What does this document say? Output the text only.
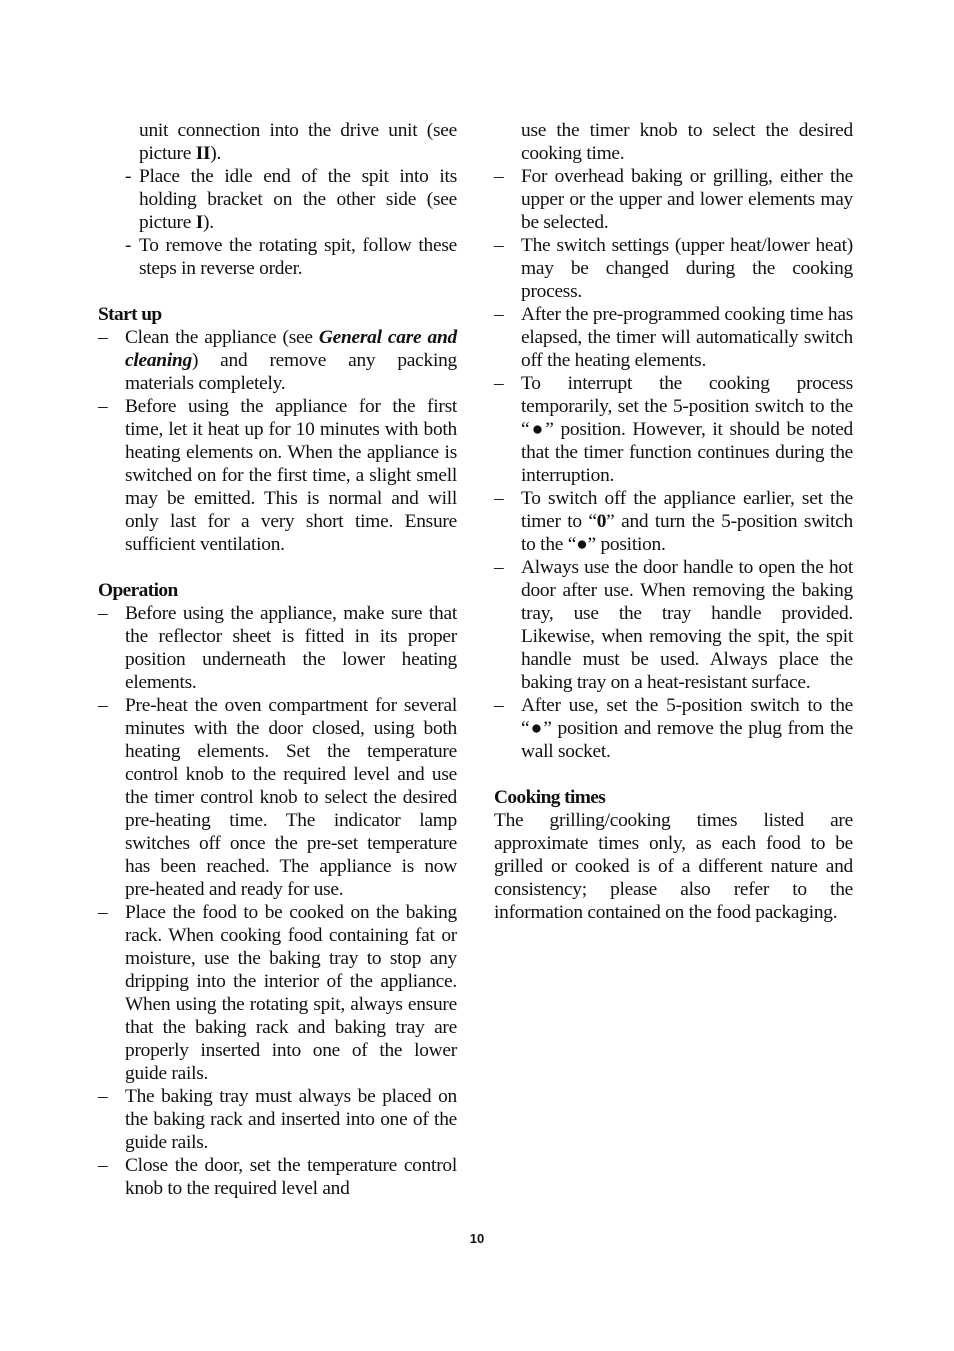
unit connection into the drive unit (see picture II).
- Place the idle end of the spit into its holding bracket on the other side (see picture I).
- To remove the rotating spit, follow these steps in reverse order.
Start up
– Clean the appliance (see General care and cleaning) and remove any packing materials completely.
– Before using the appliance for the first time, let it heat up for 10 minutes with both heating elements on. When the appliance is switched on for the first time, a slight smell may be emitted. This is normal and will only last for a very short time. Ensure sufficient ventilation.
Operation
– Before using the appliance, make sure that the reflector sheet is fitted in its proper position underneath the lower heating elements.
– Pre-heat the oven compartment for several minutes with the door closed, using both heating elements. Set the temperature control knob to the required level and use the timer control knob to select the desired pre-heating time. The indicator lamp switches off once the pre-set temperature has been reached. The appliance is now pre-heated and ready for use.
– Place the food to be cooked on the baking rack. When cooking food containing fat or moisture, use the baking tray to stop any dripping into the interior of the appliance. When using the rotating spit, always ensure that the baking rack and baking tray are properly inserted into one of the lower guide rails.
– The baking tray must always be placed on the baking rack and inserted into one of the guide rails.
– Close the door, set the temperature control knob to the required level and
use the timer knob to select the desired cooking time.
– For overhead baking or grilling, either the upper or the upper and lower elements may be selected.
– The switch settings (upper heat/lower heat) may be changed during the cooking process.
– After the pre-programmed cooking time has elapsed, the timer will automatically switch off the heating elements.
– To interrupt the cooking process temporarily, set the 5-position switch to the “●” position. However, it should be noted that the timer function continues during the interruption.
– To switch off the appliance earlier, set the timer to “0” and turn the 5-position switch to the “●” position.
– Always use the door handle to open the hot door after use. When removing the baking tray, use the tray handle provided. Likewise, when removing the spit, the spit handle must be used. Always place the baking tray on a heat-resistant surface.
– After use, set the 5-position switch to the “●” position and remove the plug from the wall socket.
Cooking times

The grilling/cooking times listed are approximate times only, as each food to be grilled or cooked is of a different nature and consistency; please also refer to the information contained on the food packaging.

10
